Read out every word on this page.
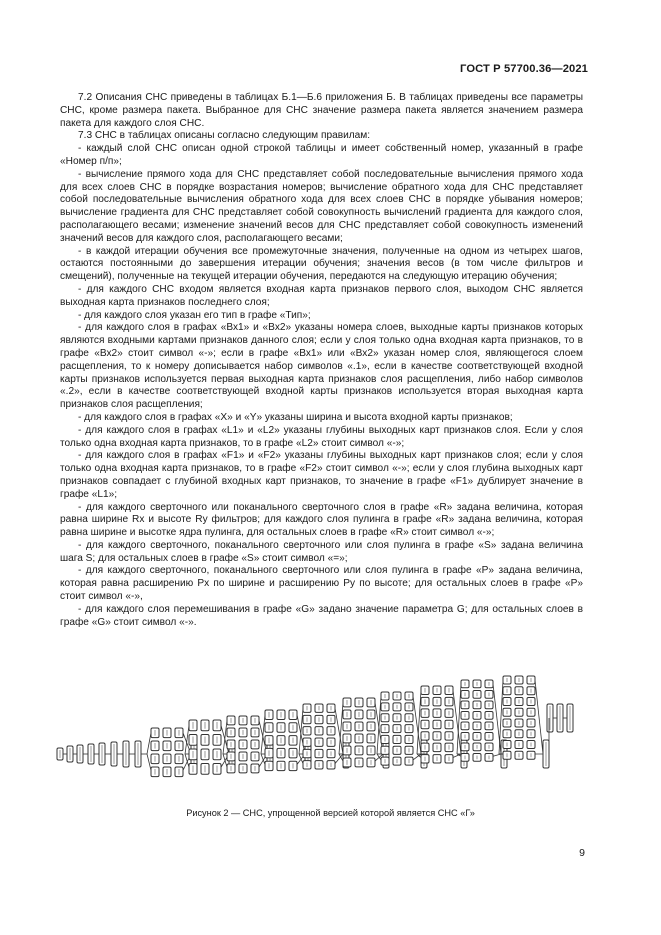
ГОСТ Р 57700.36—2021

7.2 Описания СНС приведены в таблицах Б.1—Б.6 приложения Б. В таблицах приведены все параметры СНС, кроме размера пакета. Выбранное для СНС значение размера пакета является значением размера пакета для каждого слоя СНС.

7.3 СНС в таблицах описаны согласно следующим правилам:

- каждый слой СНС описан одной строкой таблицы и имеет собственный номер, указанный в графе «Номер п/п»;

- вычисление прямого хода для СНС представляет собой последовательные вычисления прямого хода для всех слоев СНС в порядке возрастания номеров; вычисление обратного хода для СНС представляет собой последовательные вычисления обратного хода для всех слоев СНС в порядке убывания номеров; вычисление градиента для СНС представляет собой совокупность вычислений градиента для каждого слоя, располагающего весами; изменение значений весов для СНС представляет собой совокупность изменений значений весов для каждого слоя, располагающего весами;

- в каждой итерации обучения все промежуточные значения, полученные на одном из четырех шагов, остаются постоянными до завершения итерации обучения; значения весов (в том числе фильтров и смещений), полученные на текущей итерации обучения, передаются на следующую итерацию обучения;

- для каждого СНС входом является входная карта признаков первого слоя, выходом СНС является выходная карта признаков последнего слоя;

- для каждого слоя указан его тип в графе «Тип»;

- для каждого слоя в графах «Вх1» и «Вх2» указаны номера слоев, выходные карты признаков которых являются входными картами признаков данного слоя; если у слоя только одна входная карта признаков, то в графе «Вх2» стоит символ «-»; если в графе «Вх1» или «Вх2» указан номер слоя, являющегося слоем расщепления, то к номеру дописывается набор символов «.1», если в качестве соответствующей входной карты признаков используется первая выходная карта признаков слоя расщепления, либо набор символов «.2», если в качестве соответствующей входной карты признаков используется вторая выходная карта признаков слоя расщепления;

- для каждого слоя в графах «X» и «Y» указаны ширина и высота входной карты признаков;

- для каждого слоя в графах «L1» и «L2» указаны глубины выходных карт признаков слоя. Если у слоя только одна входная карта признаков, то в графе «L2» стоит символ «-»;

- для каждого слоя в графах «F1» и «F2» указаны глубины выходных карт признаков слоя; если у слоя только одна входная карта признаков, то в графе «F2» стоит символ «-»; если у слоя глубина выходных карт признаков совпадает с глубиной входных карт признаков, то значение в графе «F1» дублирует значение в графе «L1»;

- для каждого сверточного или поканального сверточного слоя в графе «R» задана величина, которая равна ширине Rx и высоте Ry фильтров; для каждого слоя пулинга в графе «R» задана величина, которая равна ширине и высотке ядра пулинга, для остальных слоев в графе «R» стоит символ «-»;

- для каждого сверточного, поканального сверточного или слоя пулинга в графе «S» задана величина шага S; для остальных слоев в графе «S» стоит символ «=»;

- для каждого сверточного, поканального сверточного или слоя пулинга в графе «P» задана величина, которая равна расширению Px по ширине и расширению Py по высоте; для остальных слоев в графе «P» стоит символ «-»,

- для каждого слоя перемешивания в графе «G» задано значение параметра G; для остальных слоев в графе «G» стоит символ «-».

Рисунок 2 — СНС, упрощенной версией которой является СНС «Г»
9
